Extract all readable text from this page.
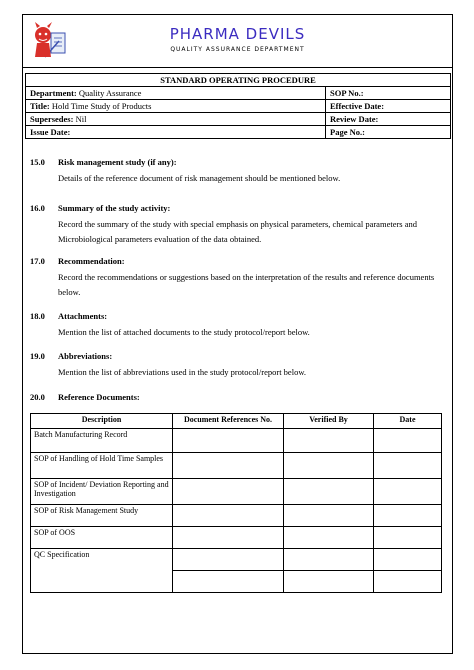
PHARMA DEVILS
QUALITY ASSURANCE DEPARTMENT
STANDARD OPERATING PROCEDURE	
Department: Quality Assurance	SOP No.:
Title: Hold Time Study of Products	Effective Date:
Supersedes: Nil	Review Date:
Issue Date:	Page No.:
15.0 Risk management study (if any):
Details of the reference document of risk management should be mentioned below.
16.0 Summary of the study activity:
Record the summary of the study with special emphasis on physical parameters, chemical parameters and Microbiological parameters evaluation of the data obtained.
17.0 Recommendation:
Record the recommendations or suggestions based on the interpretation of the results and reference documents below.
18.0 Attachments:
Mention the list of attached documents to the study protocol/report below.
19.0 Abbreviations:
Mention the list of abbreviations used in the study protocol/report below.
20.0 Reference Documents:
Description	Document References No.	Verified By	Date
Batch Manufacturing Record			
SOP of Handling of Hold Time Samples			
SOP of Incident/ Deviation Reporting and Investigation			
SOP of Risk Management Study			
SOP of OOS			
QC Specification			
